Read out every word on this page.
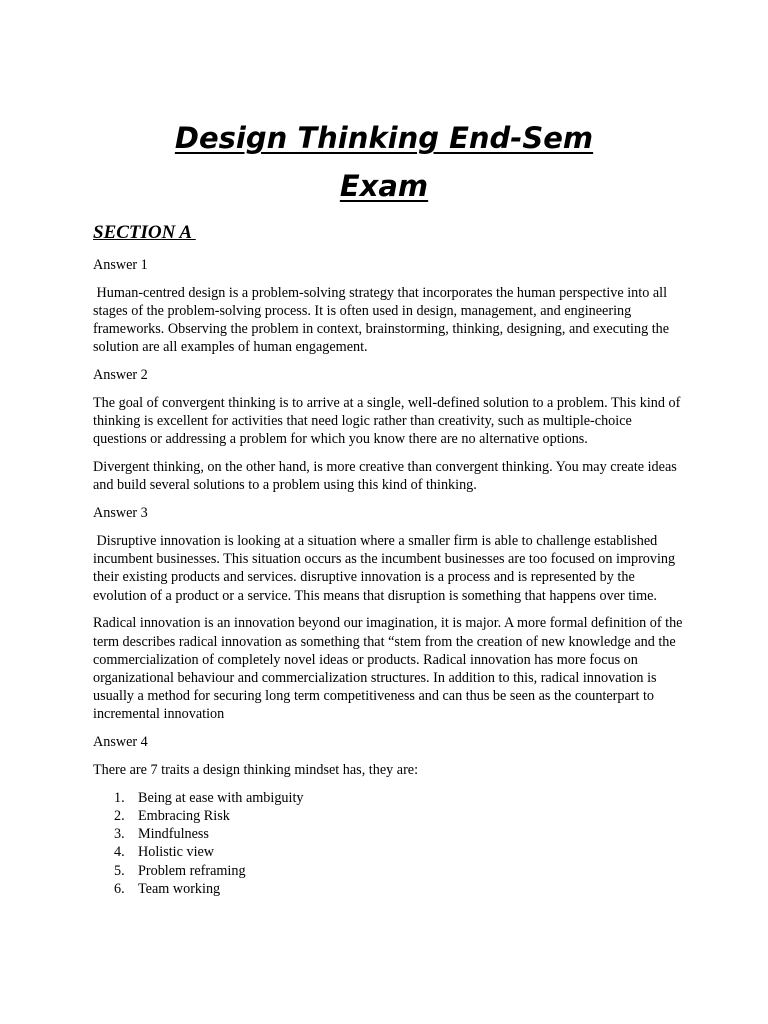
Design Thinking End-Sem
Exam
SECTION A

Answer 1

Human-centred design is a problem-solving strategy that incorporates the human perspective into all stages of the problem-solving process. It is often used in design, management, and engineering frameworks. Observing the problem in context, brainstorming, thinking, designing, and executing the solution are all examples of human engagement.

Answer 2

The goal of convergent thinking is to arrive at a single, well-defined solution to a problem. This kind of thinking is excellent for activities that need logic rather than creativity, such as multiple-choice questions or addressing a problem for which you know there are no alternative options.

Divergent thinking, on the other hand, is more creative than convergent thinking. You may create ideas and build several solutions to a problem using this kind of thinking.

Answer 3

Disruptive innovation is looking at a situation where a smaller firm is able to challenge established incumbent businesses. This situation occurs as the incumbent businesses are too focused on improving their existing products and services. disruptive innovation is a process and is represented by the evolution of a product or a service. This means that disruption is something that happens over time.

Radical innovation is an innovation beyond our imagination, it is major. A more formal definition of the term describes radical innovation as something that “stem from the creation of new knowledge and the commercialization of completely novel ideas or products. Radical innovation has more focus on organizational behaviour and commercialization structures. In addition to this, radical innovation is usually a method for securing long term competitiveness and can thus be seen as the counterpart to incremental innovation

Answer 4

There are 7 traits a design thinking mindset has, they are:

1. Being at ease with ambiguity
2. Embracing Risk
3. Mindfulness
4. Holistic view
5. Problem reframing
6. Team working
